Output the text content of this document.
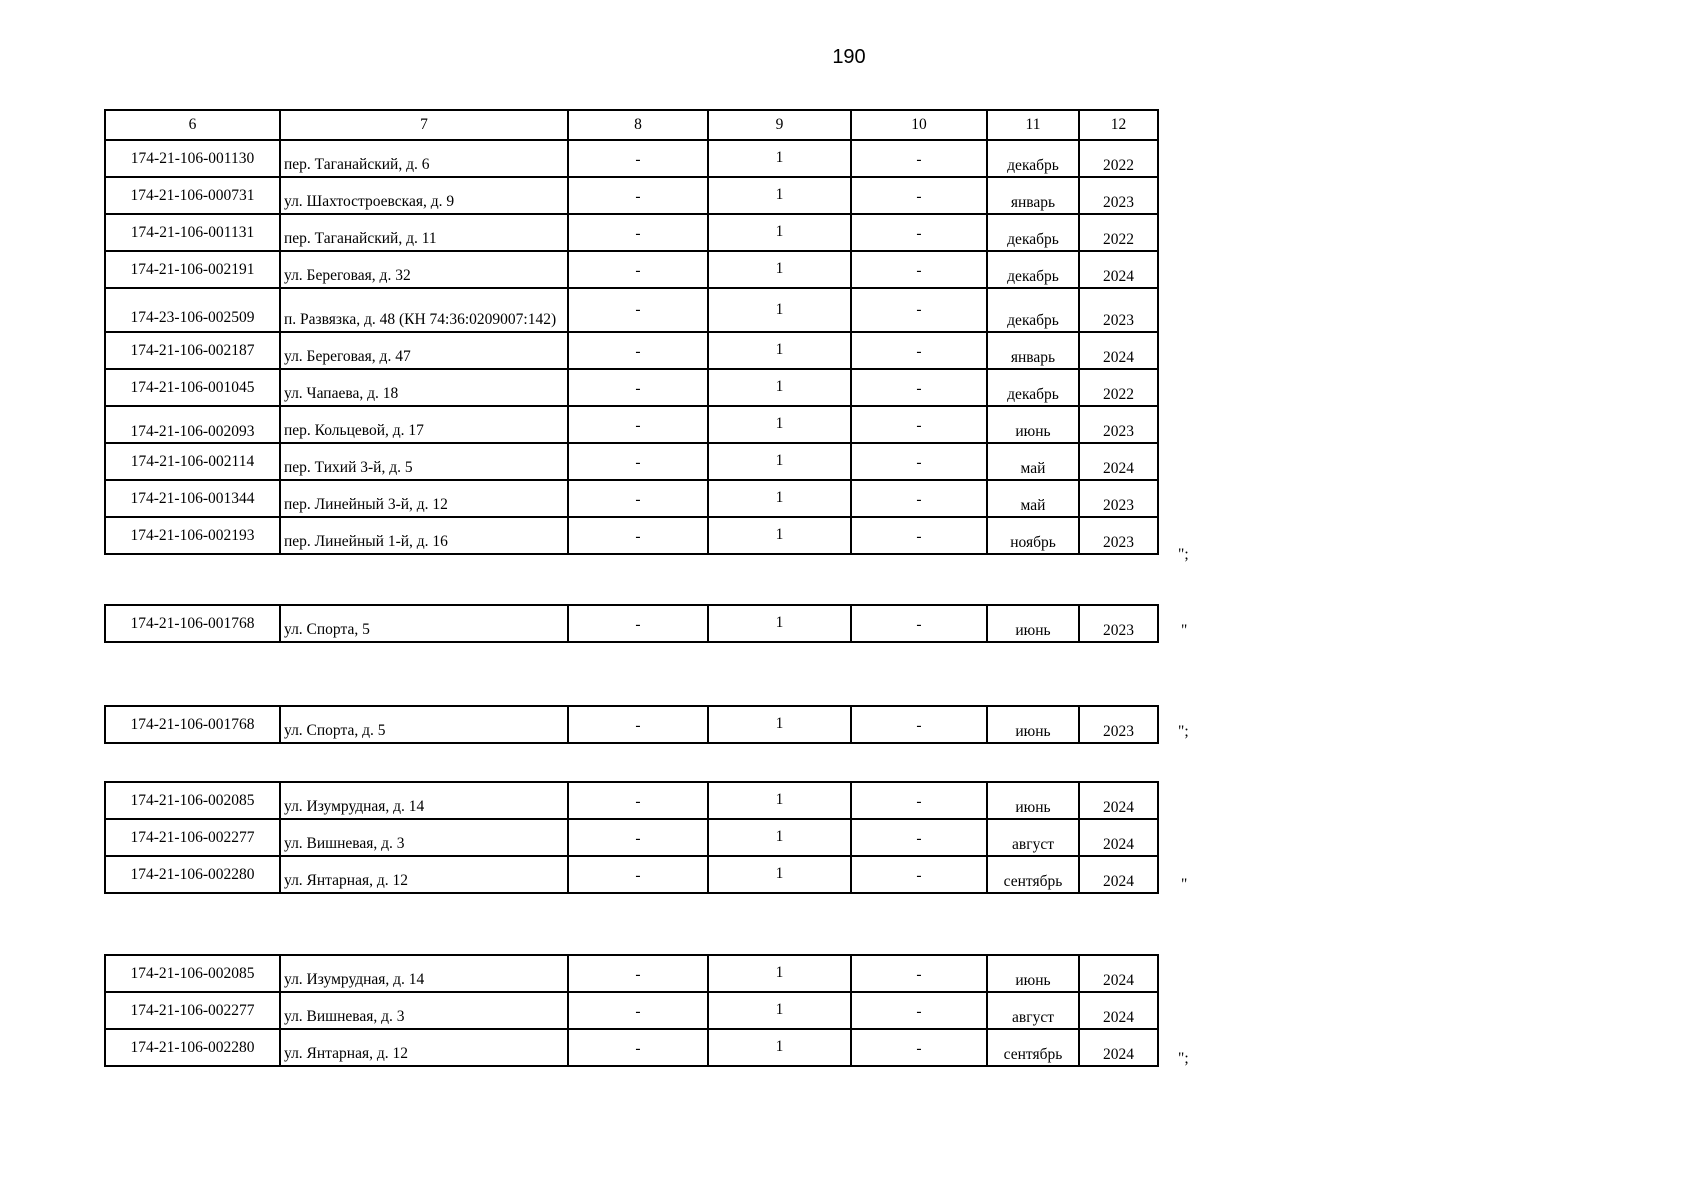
190
6	7	8	9	10	11	12
174-21-106-001130	пер. Таганайский, д. 6	-	1	-	декабрь	2022
174-21-106-000731	ул. Шахтостроевская, д. 9	-	1	-	январь	2023
174-21-106-001131	пер. Таганайский, д. 11	-	1	-	декабрь	2022
174-21-106-002191	ул. Береговая, д. 32	-	1	-	декабрь	2024
174-23-106-002509	п. Развязка, д. 48 (КН 74:36:0209007:142)	-	1	-	декабрь	2023
174-21-106-002187	ул. Береговая, д. 47	-	1	-	январь	2024
174-21-106-001045	ул. Чапаева, д. 18	-	1	-	декабрь	2022
174-21-106-002093	пер. Кольцевой, д. 17	-	1	-	июнь	2023
174-21-106-002114	пер. Тихий 3-й, д. 5	-	1	-	май	2024
174-21-106-001344	пер. Линейный 3-й, д. 12	-	1	-	май	2023
174-21-106-002193	пер. Линейный 1-й, д. 16	-	1	-	ноябрь	2023
";
174-21-106-001768	ул. Спорта, 5	-	1	-	июнь	2023	"
174-21-106-001768	ул. Спорта, д. 5	-	1	-	июнь	2023	";
174-21-106-002085	ул. Изумрудная, д. 14	-	1	-	июнь	2024
174-21-106-002277	ул. Вишневая, д. 3	-	1	-	август	2024
174-21-106-002280	ул. Янтарная, д. 12	-	1	-	сентябрь	2024	"
174-21-106-002085	ул. Изумрудная, д. 14	-	1	-	июнь	2024
174-21-106-002277	ул. Вишневая, д. 3	-	1	-	август	2024
174-21-106-002280	ул. Янтарная, д. 12	-	1	-	сентябрь	2024	";
